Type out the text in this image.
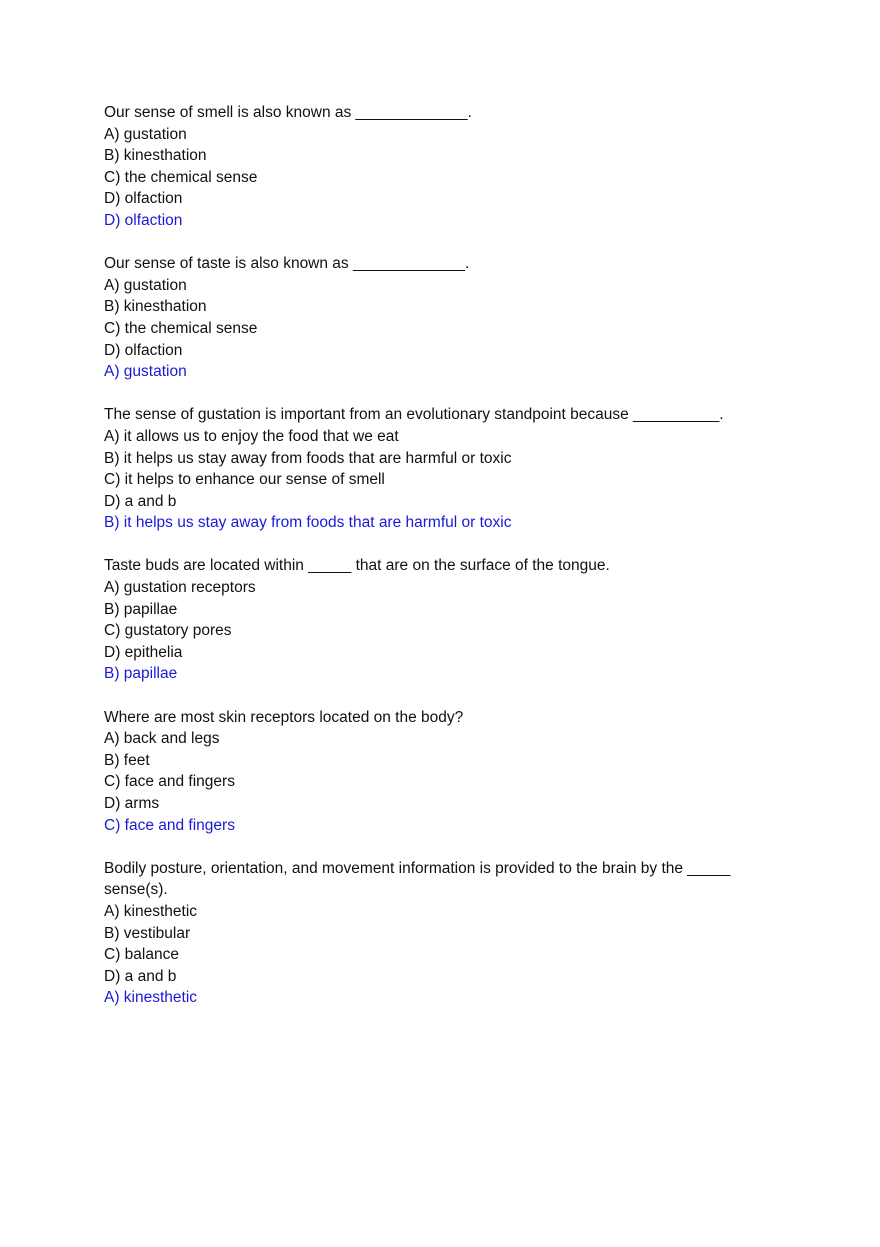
Our sense of smell is also known as _____________.
A) gustation
B) kinesthation
C) the chemical sense
D) olfaction
D) olfaction
Our sense of taste is also known as _____________.
A) gustation
B) kinesthation
C) the chemical sense
D) olfaction
A) gustation
The sense of gustation is important from an evolutionary standpoint because __________.
A) it allows us to enjoy the food that we eat
B) it helps us stay away from foods that are harmful or toxic
C) it helps to enhance our sense of smell
D) a and b
B) it helps us stay away from foods that are harmful or toxic
Taste buds are located within _____ that are on the surface of the tongue.
A) gustation receptors
B) papillae
C) gustatory pores
D) epithelia
B) papillae
Where are most skin receptors located on the body?
A) back and legs
B) feet
C) face and fingers
D) arms
C) face and fingers
Bodily posture, orientation, and movement information is provided to the brain by the _____ sense(s).
A) kinesthetic
B) vestibular
C) balance
D) a and b
A) kinesthetic
